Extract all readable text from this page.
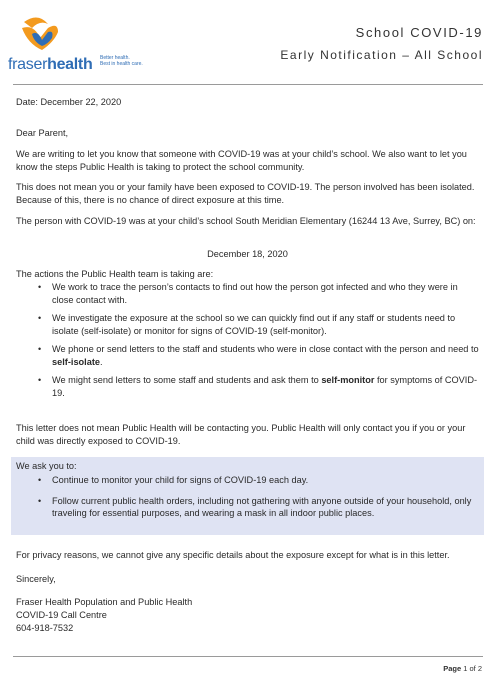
fraserhealth Better health.
Best in health care.
School COVID-19
Early Notification – All School
Date: December 22, 2020
Dear Parent,
We are writing to let you know that someone with COVID-19 was at your child’s school. We also want to let you know the steps Public Health is taking to protect the school community.
This does not mean you or your family have been exposed to COVID-19. The person involved has been isolated. Because of this, there is no chance of direct exposure at this time.
The person with COVID-19 was at your child’s school South Meridian Elementary (16244 13 Ave, Surrey, BC) on:
December 18, 2020
The actions the Public Health team is taking are:
• We work to trace the person’s contacts to find out how the person got infected and who they were in close contact with.
• We investigate the exposure at the school so we can quickly find out if any staff or students need to isolate (self-isolate) or monitor for signs of COVID-19 (self-monitor).
• We phone or send letters to the staff and students who were in close contact with the person and need to self-isolate.
• We might send letters to some staff and students and ask them to self-monitor for symptoms of COVID-19.
This letter does not mean Public Health will be contacting you. Public Health will only contact you if you or your child was directly exposed to COVID-19.
We ask you to:
• Continue to monitor your child for signs of COVID-19 each day.
• Follow current public health orders, including not gathering with anyone outside of your household, only traveling for essential purposes, and wearing a mask in all indoor public places.
For privacy reasons, we cannot give any specific details about the exposure except for what is in this letter.
Sincerely,
Fraser Health Population and Public Health
COVID-19 Call Centre
604-918-7532
Page 1 of 2
